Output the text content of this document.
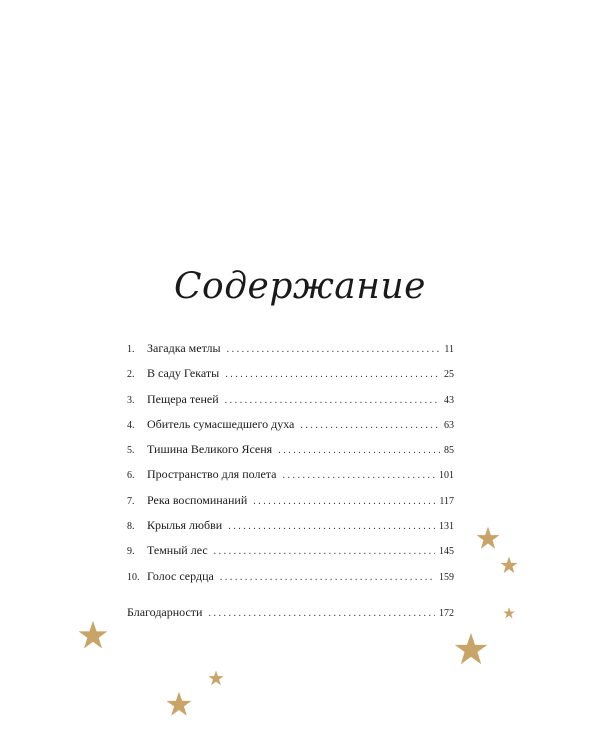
Содержание
1.	Загадка метлы .....	11
2.	В саду Гекаты .....	25
3.	Пещера теней .....	43
4.	Обитель сумасшедшего духа .....	63
5.	Тишина Великого Ясеня .....	85
6.	Пространство для полета .....	101
7.	Река воспоминаний .....	117
8.	Крылья любви .....	131
9.	Темный лес .....	145
10. Голос сердца .....	159
Благодарности .....	172
